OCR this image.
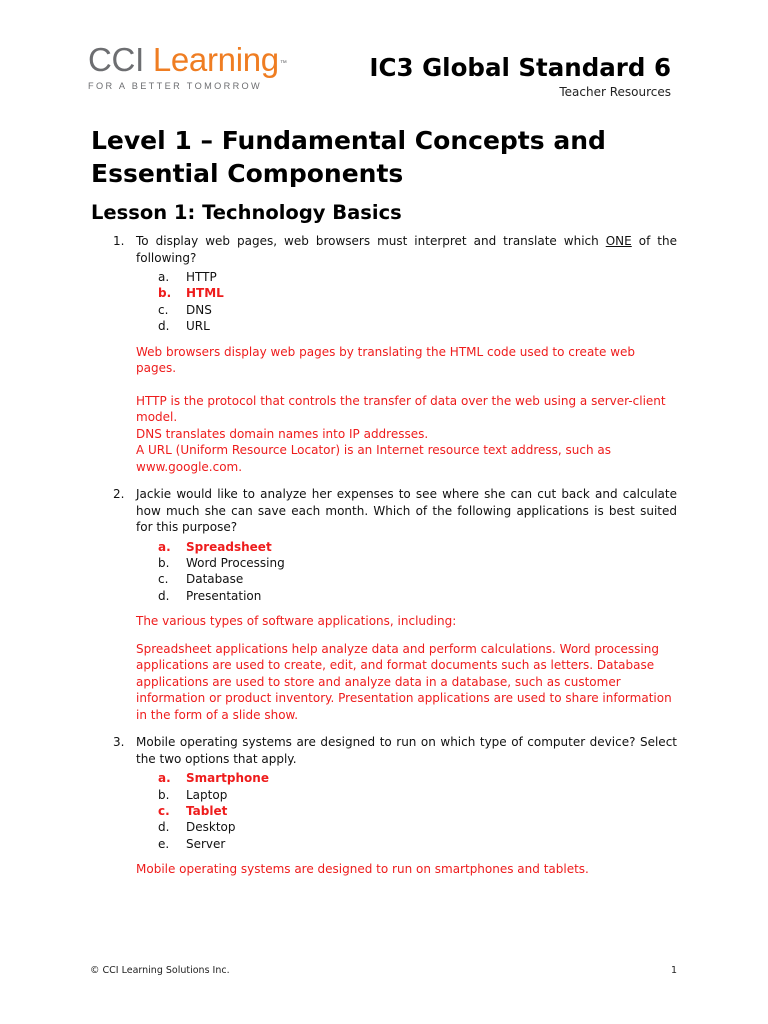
CCI Learning™
FOR A BETTER TOMORROW
IC3 Global Standard 6
Teacher Resources
Level 1 – Fundamental Concepts and Essential Components
Lesson 1: Technology Basics
1. To display web pages, web browsers must interpret and translate which ONE of the following?
a. HTTP
b. HTML
c. DNS
d. URL

Web browsers display web pages by translating the HTML code used to create web pages.

HTTP is the protocol that controls the transfer of data over the web using a server-client model.

DNS translates domain names into IP addresses.

A URL (Uniform Resource Locator) is an Internet resource text address, such as www.google.com.

2. Jackie would like to analyze her expenses to see where she can cut back and calculate how much she can save each month. Which of the following applications is best suited for this purpose?
a. Spreadsheet
b. Word Processing
c. Database
d. Presentation

The various types of software applications, including:

Spreadsheet applications help analyze data and perform calculations. Word processing applications are used to create, edit, and format documents such as letters. Database applications are used to store and analyze data in a database, such as customer information or product inventory. Presentation applications are used to share information in the form of a slide show.

3. Mobile operating systems are designed to run on which type of computer device? Select the two options that apply.
a. Smartphone
b. Laptop
c. Tablet
d. Desktop
e. Server

Mobile operating systems are designed to run on smartphones and tablets.

© CCI Learning Solutions Inc.	1
